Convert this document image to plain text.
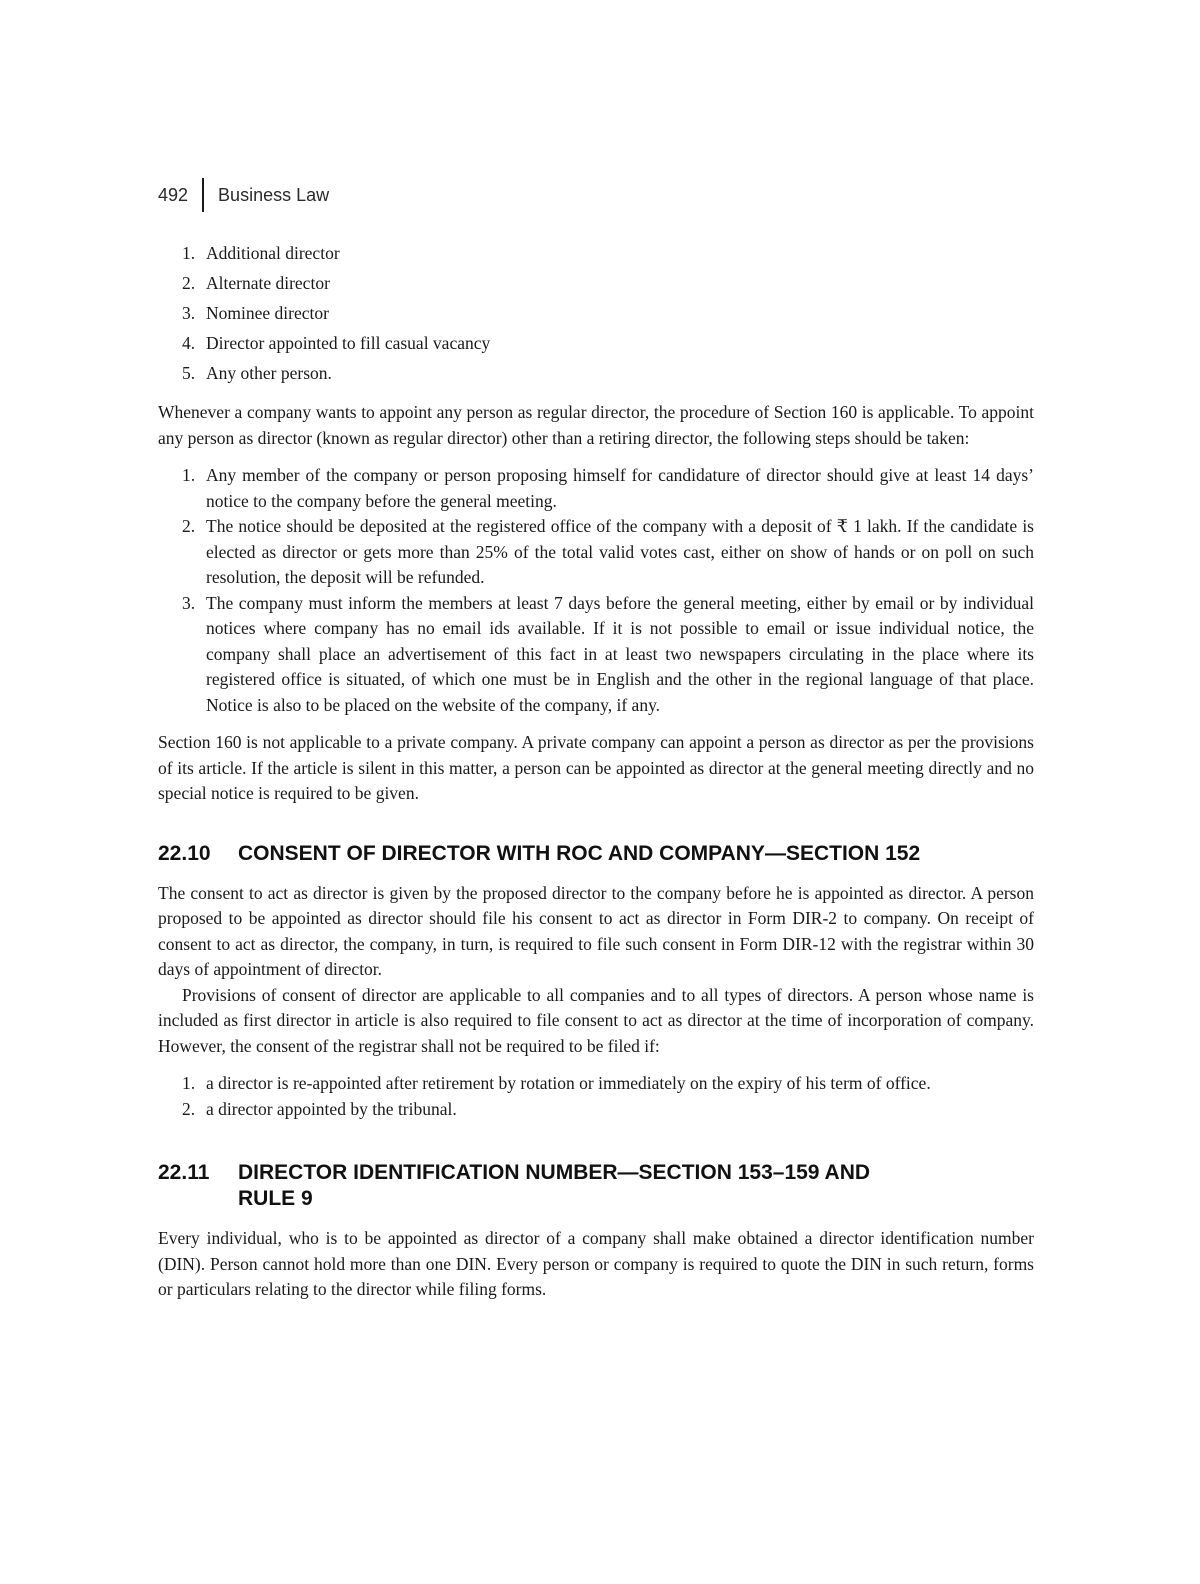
492 Business Law
1. Additional director
2. Alternate director
3. Nominee director
4. Director appointed to fill casual vacancy
5. Any other person.

Whenever a company wants to appoint any person as regular director, the procedure of Section 160 is applicable. To appoint any person as director (known as regular director) other than a retiring director, the following steps should be taken:

1. Any member of the company or person proposing himself for candidature of director should give at least 14 days’ notice to the company before the general meeting.
2. The notice should be deposited at the registered office of the company with a deposit of ₹ 1 lakh. If the candidate is elected as director or gets more than 25% of the total valid votes cast, either on show of hands or on poll on such resolution, the deposit will be refunded.
3. The company must inform the members at least 7 days before the general meeting, either by email or by individual notices where company has no email ids available. If it is not possible to email or issue individual notice, the company shall place an advertisement of this fact in at least two newspapers circulating in the place where its registered office is situated, of which one must be in English and the other in the regional language of that place. Notice is also to be placed on the website of the company, if any.

Section 160 is not applicable to a private company. A private company can appoint a person as director as per the provisions of its article. If the article is silent in this matter, a person can be appointed as director at the general meeting directly and no special notice is required to be given.

22.10	CONSENT OF DIRECTOR WITH ROC AND COMPANY—SECTION 152

The consent to act as director is given by the proposed director to the company before he is appointed as director. A person proposed to be appointed as director should file his consent to act as director in Form DIR-2 to company. On receipt of consent to act as director, the company, in turn, is required to file such consent in Form DIR-12 with the registrar within 30 days of appointment of director.

Provisions of consent of director are applicable to all companies and to all types of directors. A person whose name is included as first director in article is also required to file consent to act as director at the time of incorporation of company. However, the consent of the registrar shall not be required to be filed if:

1. a director is re-appointed after retirement by rotation or immediately on the expiry of his term of office.
2. a director appointed by the tribunal.
22.11	DIRECTOR IDENTIFICATION NUMBER—SECTION 153–159 AND RULE 9

Every individual, who is to be appointed as director of a company shall make obtained a director identification number (DIN). Person cannot hold more than one DIN. Every person or company is required to quote the DIN in such return, forms or particulars relating to the director while filing forms.
